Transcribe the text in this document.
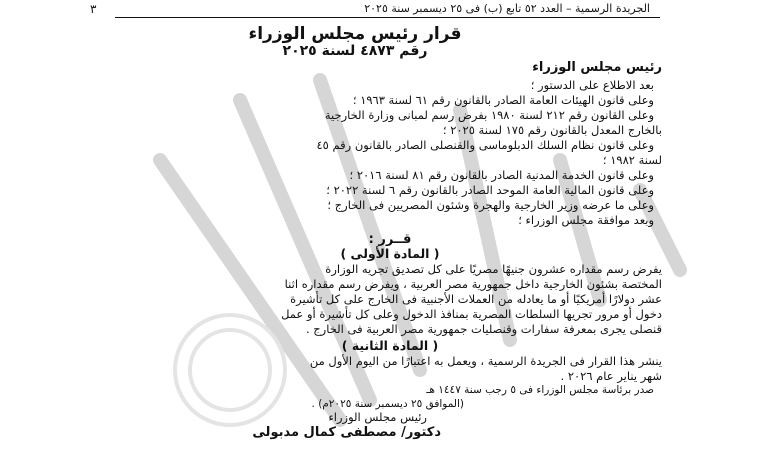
الجريدة الرسمية – العدد ٥٢ تابع (ب) فى ٢٥ ديسمبر سنة ٢٠٢٥
٣
قرار رئيس مجلس الوزراء
رقم ٤٨٧٣ لسنة ٢٠٢٥
رئيس مجلس الوزراء
بعد الاطلاع على الدستور ؛
وعلى قانون الهيئات العامة الصادر بالقانون رقم ٦١ لسنة ١٩٦٣ ؛
وعلى القانون رقم ٢١٢ لسنة ١٩٨٠ بفرض رسم لمبانى وزارة الخارجية
بالخارج المعدل بالقانون رقم ١٧٥ لسنة ٢٠٢٥ ؛
وعلى قانون نظام السلك الدبلوماسى والقنصلى الصادر بالقانون رقم ٤٥
لسنة ١٩٨٢ ؛
وعلى قانون الخدمة المدنية الصادر بالقانون رقم ٨١ لسنة ٢٠١٦ ؛
وعلى قانون المالية العامة الموحد الصادر بالقانون رقم ٦ لسنة ٢٠٢٢ ؛
وعلى ما عرضه وزير الخارجية والهجرة وشئون المصريين فى الخارج ؛
وبعد موافقة مجلس الوزراء ؛
قــرر :
( المادة الأولى )
يفرض رسم مقداره عشرون جنيهًا مصريًا على كل تصديق تجريه الوزارة
المختصة بشئون الخارجية داخل جمهورية مصر العربية ، ويفرض رسم مقداره اثنا
عشر دولارًا أمريكيًا أو ما يعادله من العملات الأجنبية فى الخارج على كل تأشيرة
دخول أو مرور تجريها السلطات المصرية بمنافذ الدخول وعلى كل تأشيرة أو عمل
قنصلى يجرى بمعرفة سفارات وقنصليات جمهورية مصر العربية فى الخارج .
( المادة الثانية )
ينشر هذا القرار فى الجريدة الرسمية ، ويعمل به اعتبارًا من اليوم الأول من
شهر يناير عام ٢٠٢٦ .
صدر برئاسة مجلس الوزراء فى ٥ رجب سنة ١٤٤٧ هـ
(الموافق ٢٥ ديسمبر سنة ٢٠٢٥م) .
رئيس مجلس الوزراء
دكتور/ مصطفى كمال مدبولى
